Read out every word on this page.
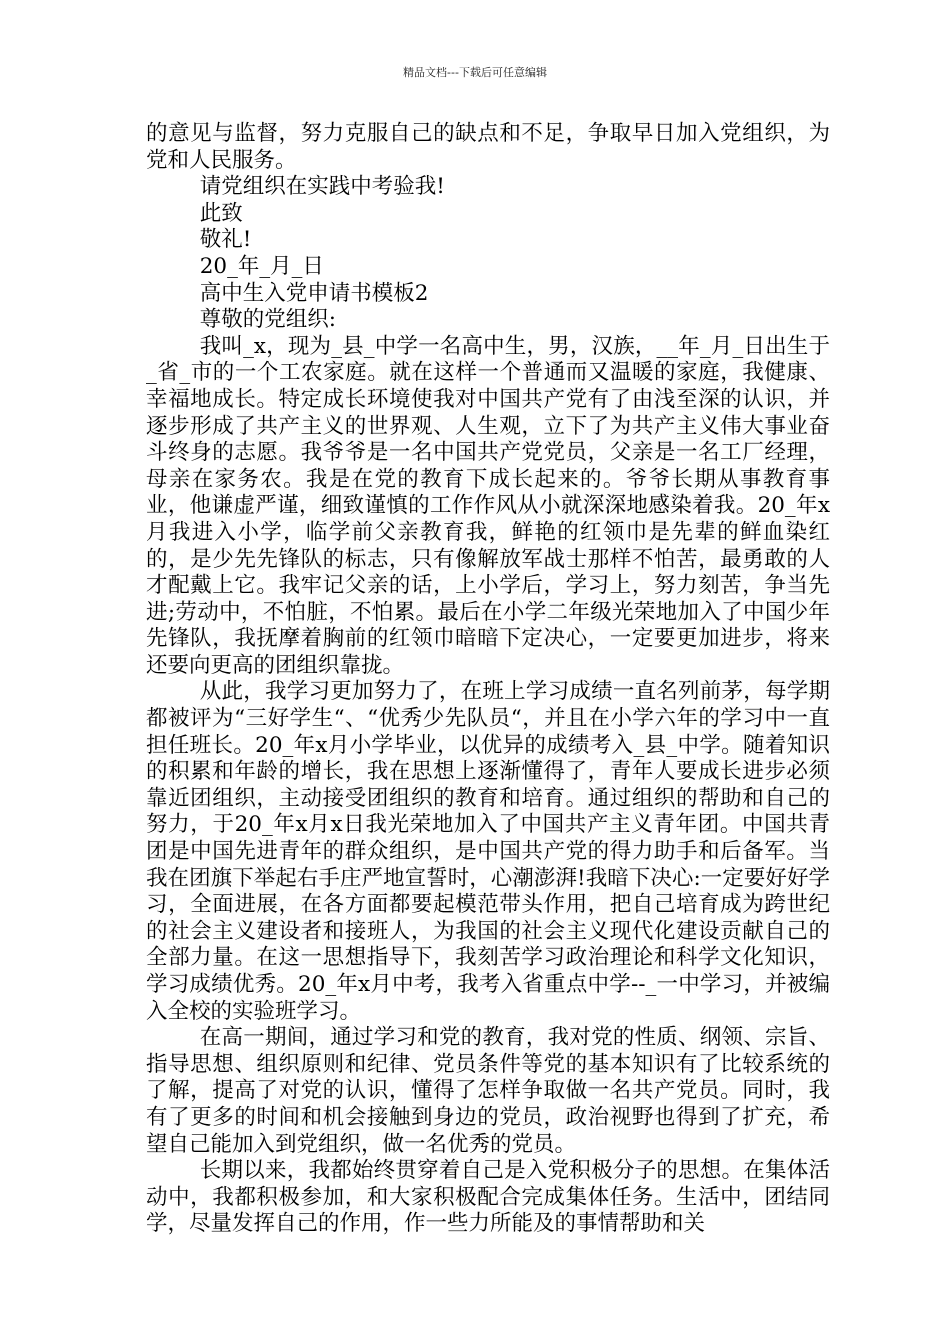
精品文档---下载后可任意编辑

的意见与监督，努力克服自己的缺点和不足，争取早日加入党组织，为党和人民服务。

请党组织在实践中考验我!

此致

敬礼!

20_年_月_日

高中生入党申请书模板2

尊敬的党组织:

我叫_x，现为_县_中学一名高中生，男，汉族，__年_月_日出生于_省_市的一个工农家庭。就在这样一个普通而又温暖的家庭，我健康、幸福地成长。特定成长环境使我对中国共产党有了由浅至深的认识，并逐步形成了共产主义的世界观、人生观，立下了为共产主义伟大事业奋斗终身的志愿。我爷爷是一名中国共产党党员，父亲是一名工厂经理，母亲在家务农。我是在党的教育下成长起来的。爷爷长期从事教育事业，他谦虚严谨，细致谨慎的工作作风从小就深深地感染着我。20_年x月我进入小学，临学前父亲教育我，鲜艳的红领巾是先辈的鲜血染红的，是少先先锋队的标志，只有像解放军战士那样不怕苦，最勇敢的人才配戴上它。我牢记父亲的话，上小学后，学习上，努力刻苦，争当先进;劳动中，不怕脏，不怕累。最后在小学二年级光荣地加入了中国少年先锋队，我抚摩着胸前的红领巾暗暗下定决心，一定要更加进步，将来还要向更高的团组织靠拢。

从此，我学习更加努力了，在班上学习成绩一直名列前茅，每学期都被评为“三好学生“、“优秀少先队员“，并且在小学六年的学习中一直担任班长。20_年x月小学毕业，以优异的成绩考入_县_中学。随着知识的积累和年龄的增长，我在思想上逐渐懂得了，青年人要成长进步必须靠近团组织，主动接受团组织的教育和培育。通过组织的帮助和自己的努力，于20_年x月x日我光荣地加入了中国共产主义青年团。中国共青团是中国先进青年的群众组织，是中国共产党的得力助手和后备军。当我在团旗下举起右手庄严地宣誓时，心潮澎湃!我暗下决心:一定要好好学习，全面进展，在各方面都要起模范带头作用，把自己培育成为跨世纪的社会主义建设者和接班人，为我国的社会主义现代化建设贡献自己的全部力量。在这一思想指导下，我刻苦学习政治理论和科学文化知识，学习成绩优秀。20_年x月中考，我考入省重点中学--_一中学习，并被编入全校的实验班学习。

在高一期间，通过学习和党的教育，我对党的性质、纲领、宗旨、指导思想、组织原则和纪律、党员条件等党的基本知识有了比较系统的了解，提高了对党的认识，懂得了怎样争取做一名共产党员。同时，我有了更多的时间和机会接触到身边的党员，政治视野也得到了扩充，希望自己能加入到党组织，做一名优秀的党员。

长期以来，我都始终贯穿着自己是入党积极分子的思想。在集体活动中，我都积极参加，和大家积极配合完成集体任务。生活中，团结同学，尽量发挥自己的作用，作一些力所能及的事情帮助和关
